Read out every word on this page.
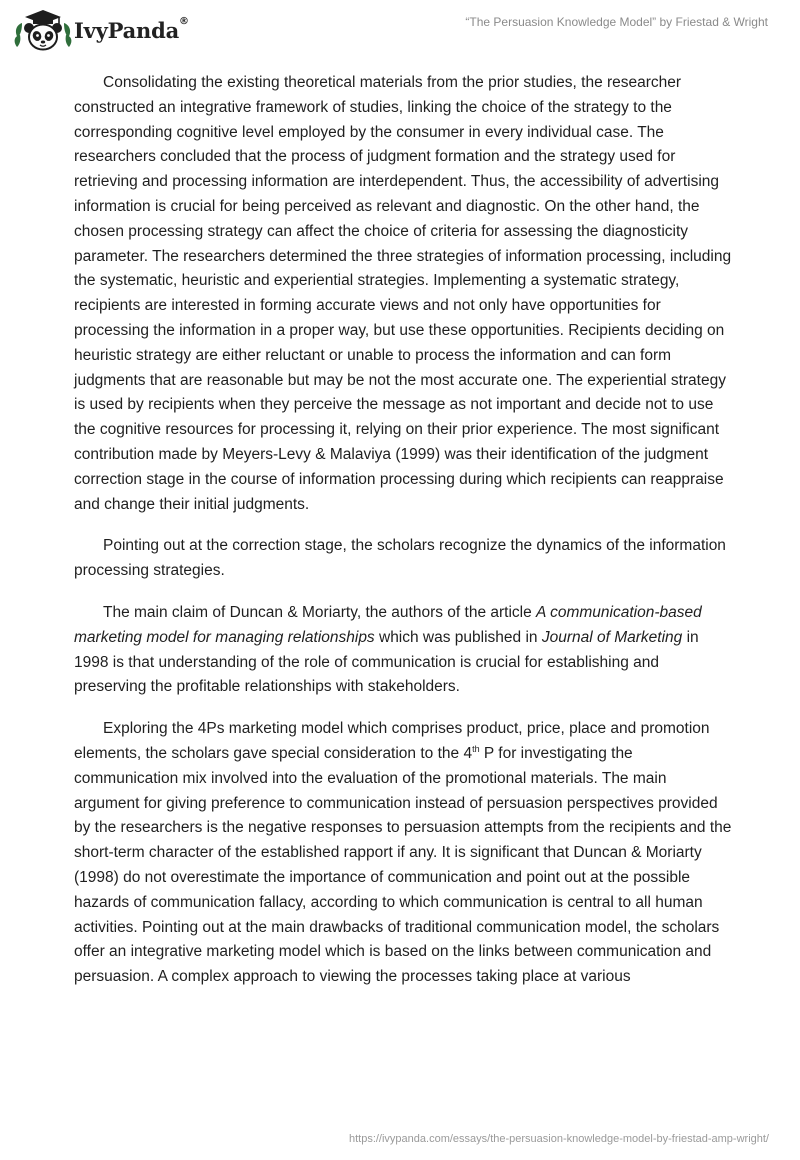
IvyPanda®	“The Persuasion Knowledge Model” by Friestad & Wright

Consolidating the existing theoretical materials from the prior studies, the researcher constructed an integrative framework of studies, linking the choice of the strategy to the corresponding cognitive level employed by the consumer in every individual case. The researchers concluded that the process of judgment formation and the strategy used for retrieving and processing information are interdependent. Thus, the accessibility of advertising information is crucial for being perceived as relevant and diagnostic. On the other hand, the chosen processing strategy can affect the choice of criteria for assessing the diagnosticity parameter. The researchers determined the three strategies of information processing, including the systematic, heuristic and experiential strategies. Implementing a systematic strategy, recipients are interested in forming accurate views and not only have opportunities for processing the information in a proper way, but use these opportunities. Recipients deciding on heuristic strategy are either reluctant or unable to process the information and can form judgments that are reasonable but may be not the most accurate one. The experiential strategy is used by recipients when they perceive the message as not important and decide not to use the cognitive resources for processing it, relying on their prior experience. The most significant contribution made by Meyers-Levy & Malaviya (1999) was their identification of the judgment correction stage in the course of information processing during which recipients can reappraise and change their initial judgments.

Pointing out at the correction stage, the scholars recognize the dynamics of the information processing strategies.

The main claim of Duncan & Moriarty, the authors of the article A communication-based marketing model for managing relationships which was published in Journal of Marketing in 1998 is that understanding of the role of communication is crucial for establishing and preserving the profitable relationships with stakeholders.

Exploring the 4Ps marketing model which comprises product, price, place and promotion elements, the scholars gave special consideration to the 4th P for investigating the communication mix involved into the evaluation of the promotional materials. The main argument for giving preference to communication instead of persuasion perspectives provided by the researchers is the negative responses to persuasion attempts from the recipients and the short-term character of the established rapport if any. It is significant that Duncan & Moriarty (1998) do not overestimate the importance of communication and point out at the possible hazards of communication fallacy, according to which communication is central to all human activities. Pointing out at the main drawbacks of traditional communication model, the scholars offer an integrative marketing model which is based on the links between communication and persuasion. A complex approach to viewing the processes taking place at various

https://ivypanda.com/essays/the-persuasion-knowledge-model-by-friestad-amp-wright/
